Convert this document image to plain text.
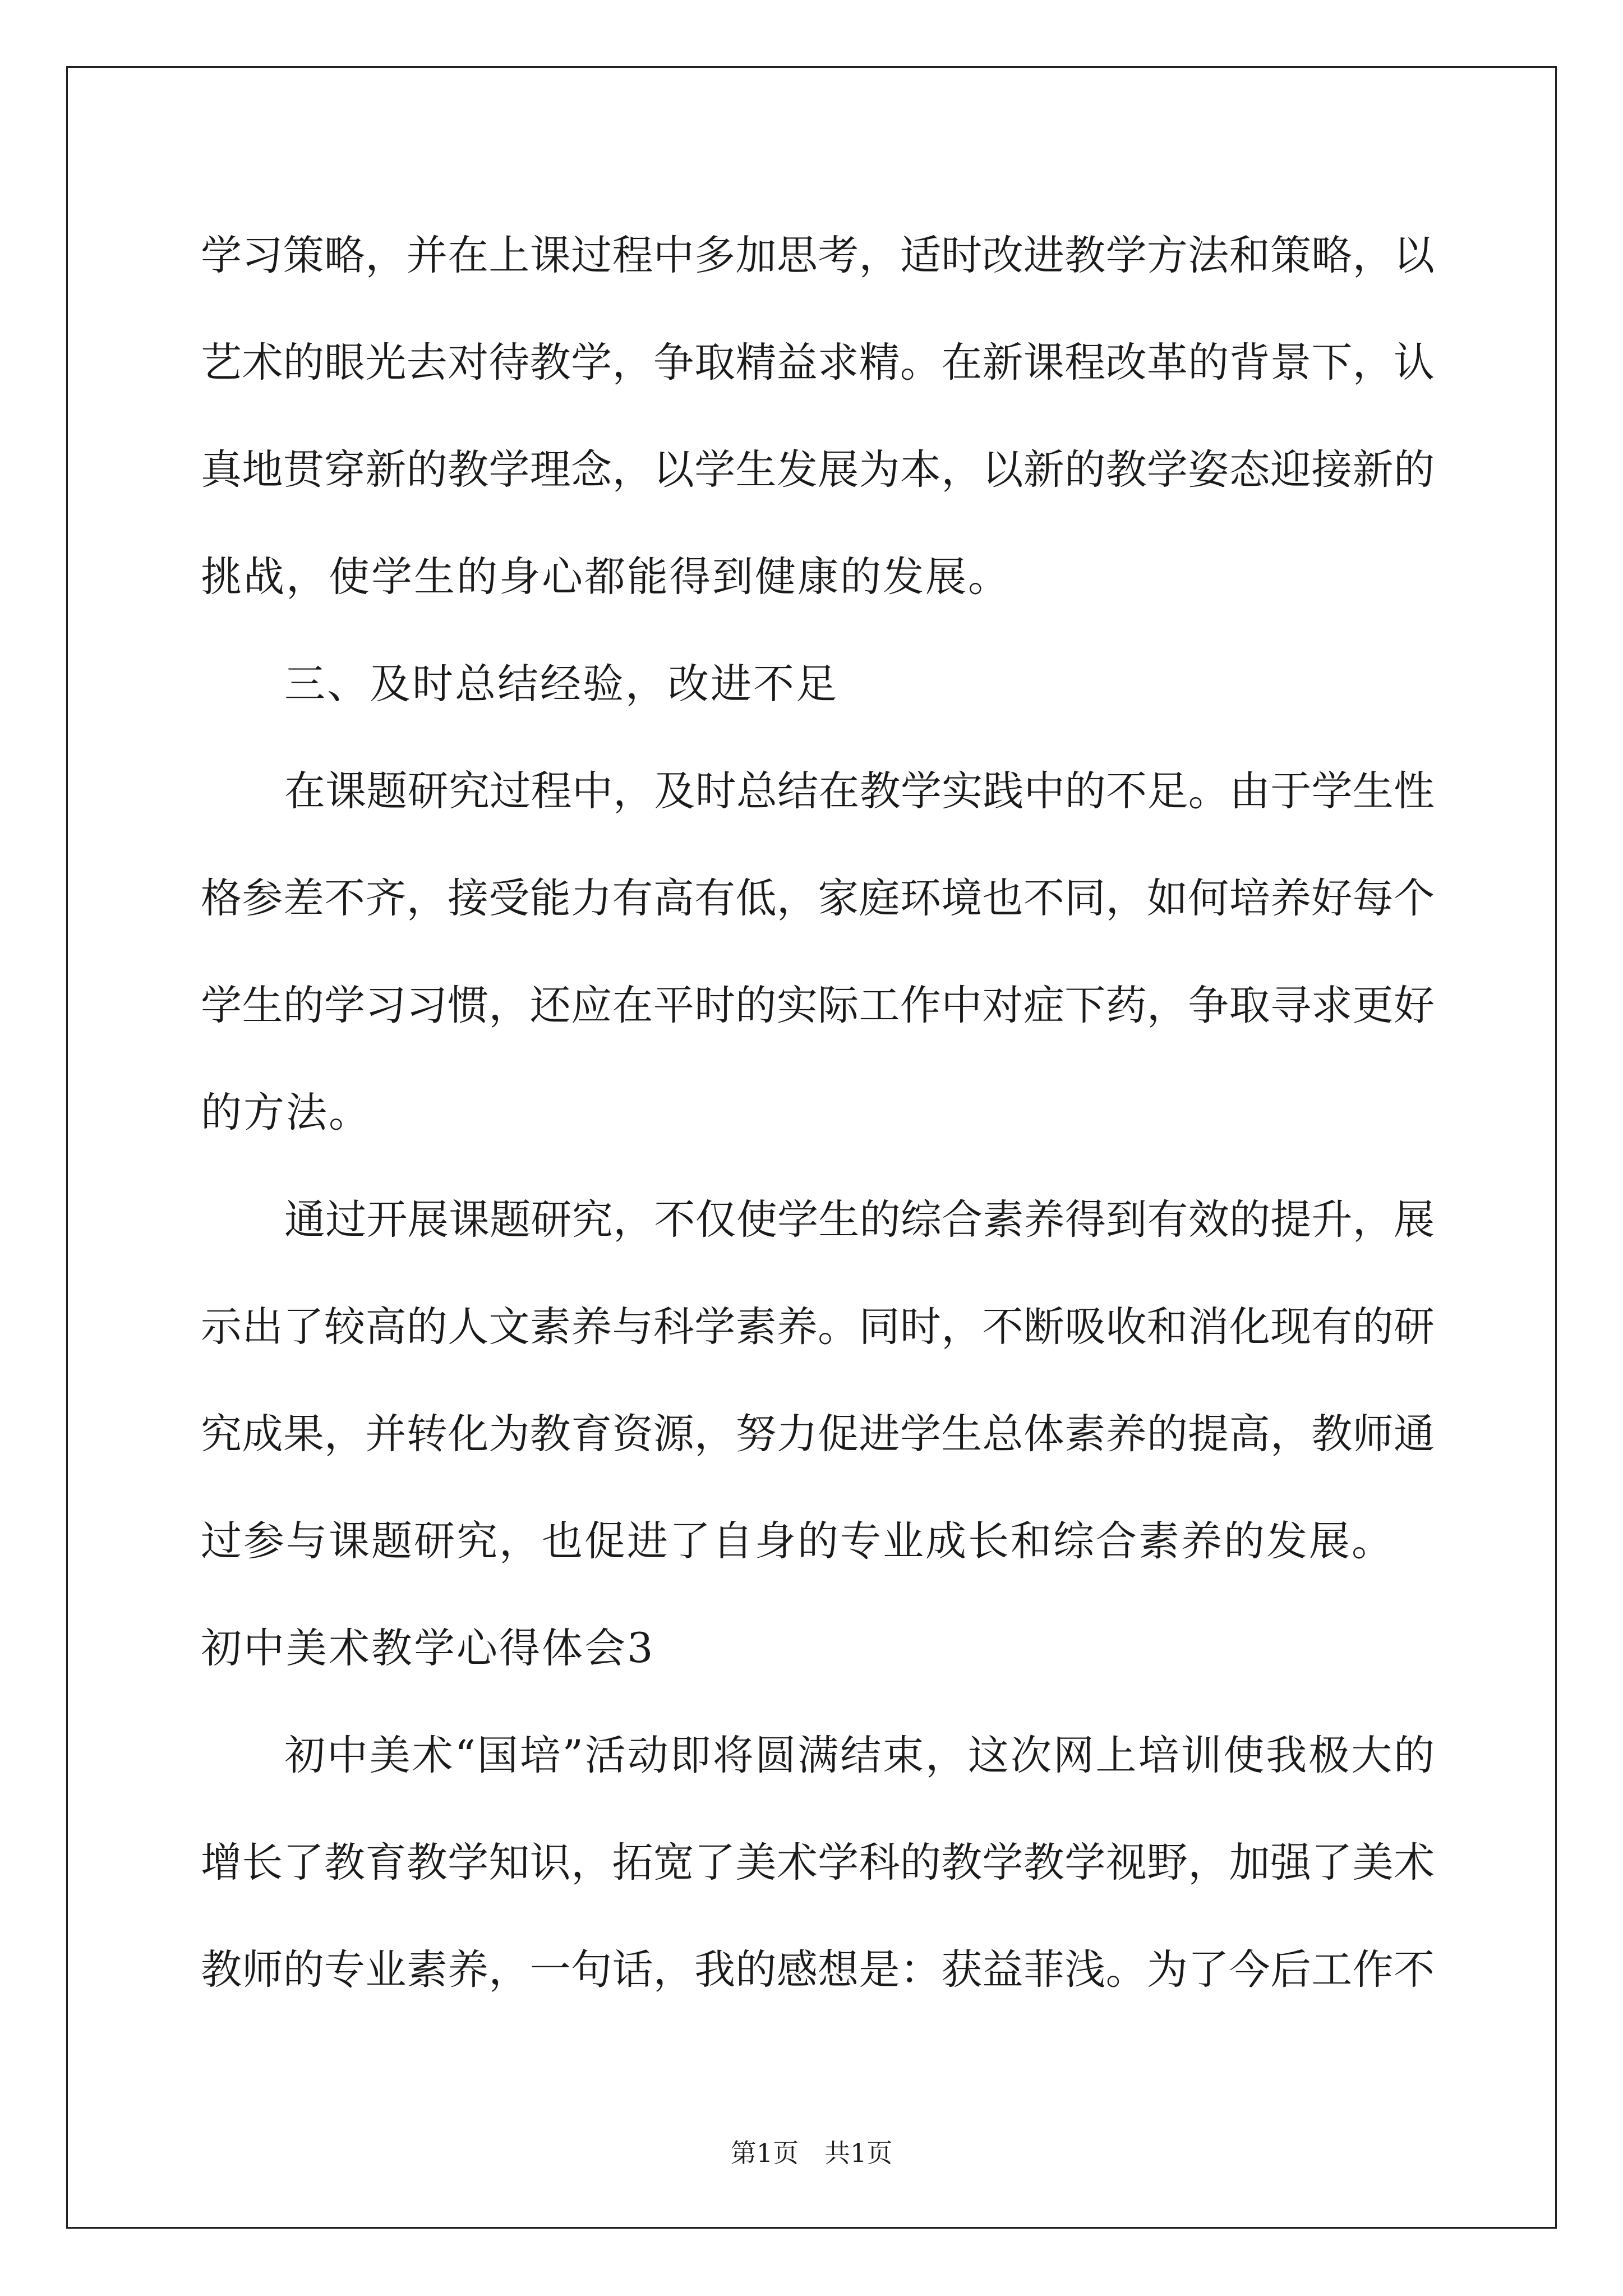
学习策略，并在上课过程中多加思考，适时改进教学方法和策略，以
艺术的眼光去对待教学，争取精益求精。在新课程改革的背景下，认
真地贯穿新的教学理念，以学生发展为本，以新的教学姿态迎接新的
挑战，使学生的身心都能得到健康的发展。
三、及时总结经验，改进不足
在课题研究过程中，及时总结在教学实践中的不足。由于学生性
格参差不齐，接受能力有高有低，家庭环境也不同，如何培养好每个
学生的学习习惯，还应在平时的实际工作中对症下药，争取寻求更好
的方法。
通过开展课题研究，不仅使学生的综合素养得到有效的提升，展
示出了较高的人文素养与科学素养。同时，不断吸收和消化现有的研
究成果，并转化为教育资源，努力促进学生总体素养的提高，教师通
过参与课题研究，也促进了自身的专业成长和综合素养的发展。
初中美术教学心得体会3
初中美术“国培”活动即将圆满结束，这次网上培训使我极大的
增长了教育教学知识，拓宽了美术学科的教学教学视野，加强了美术
教师的专业素养，一句话，我的感想是：获益菲浅。为了今后工作不
第1页　共1页
